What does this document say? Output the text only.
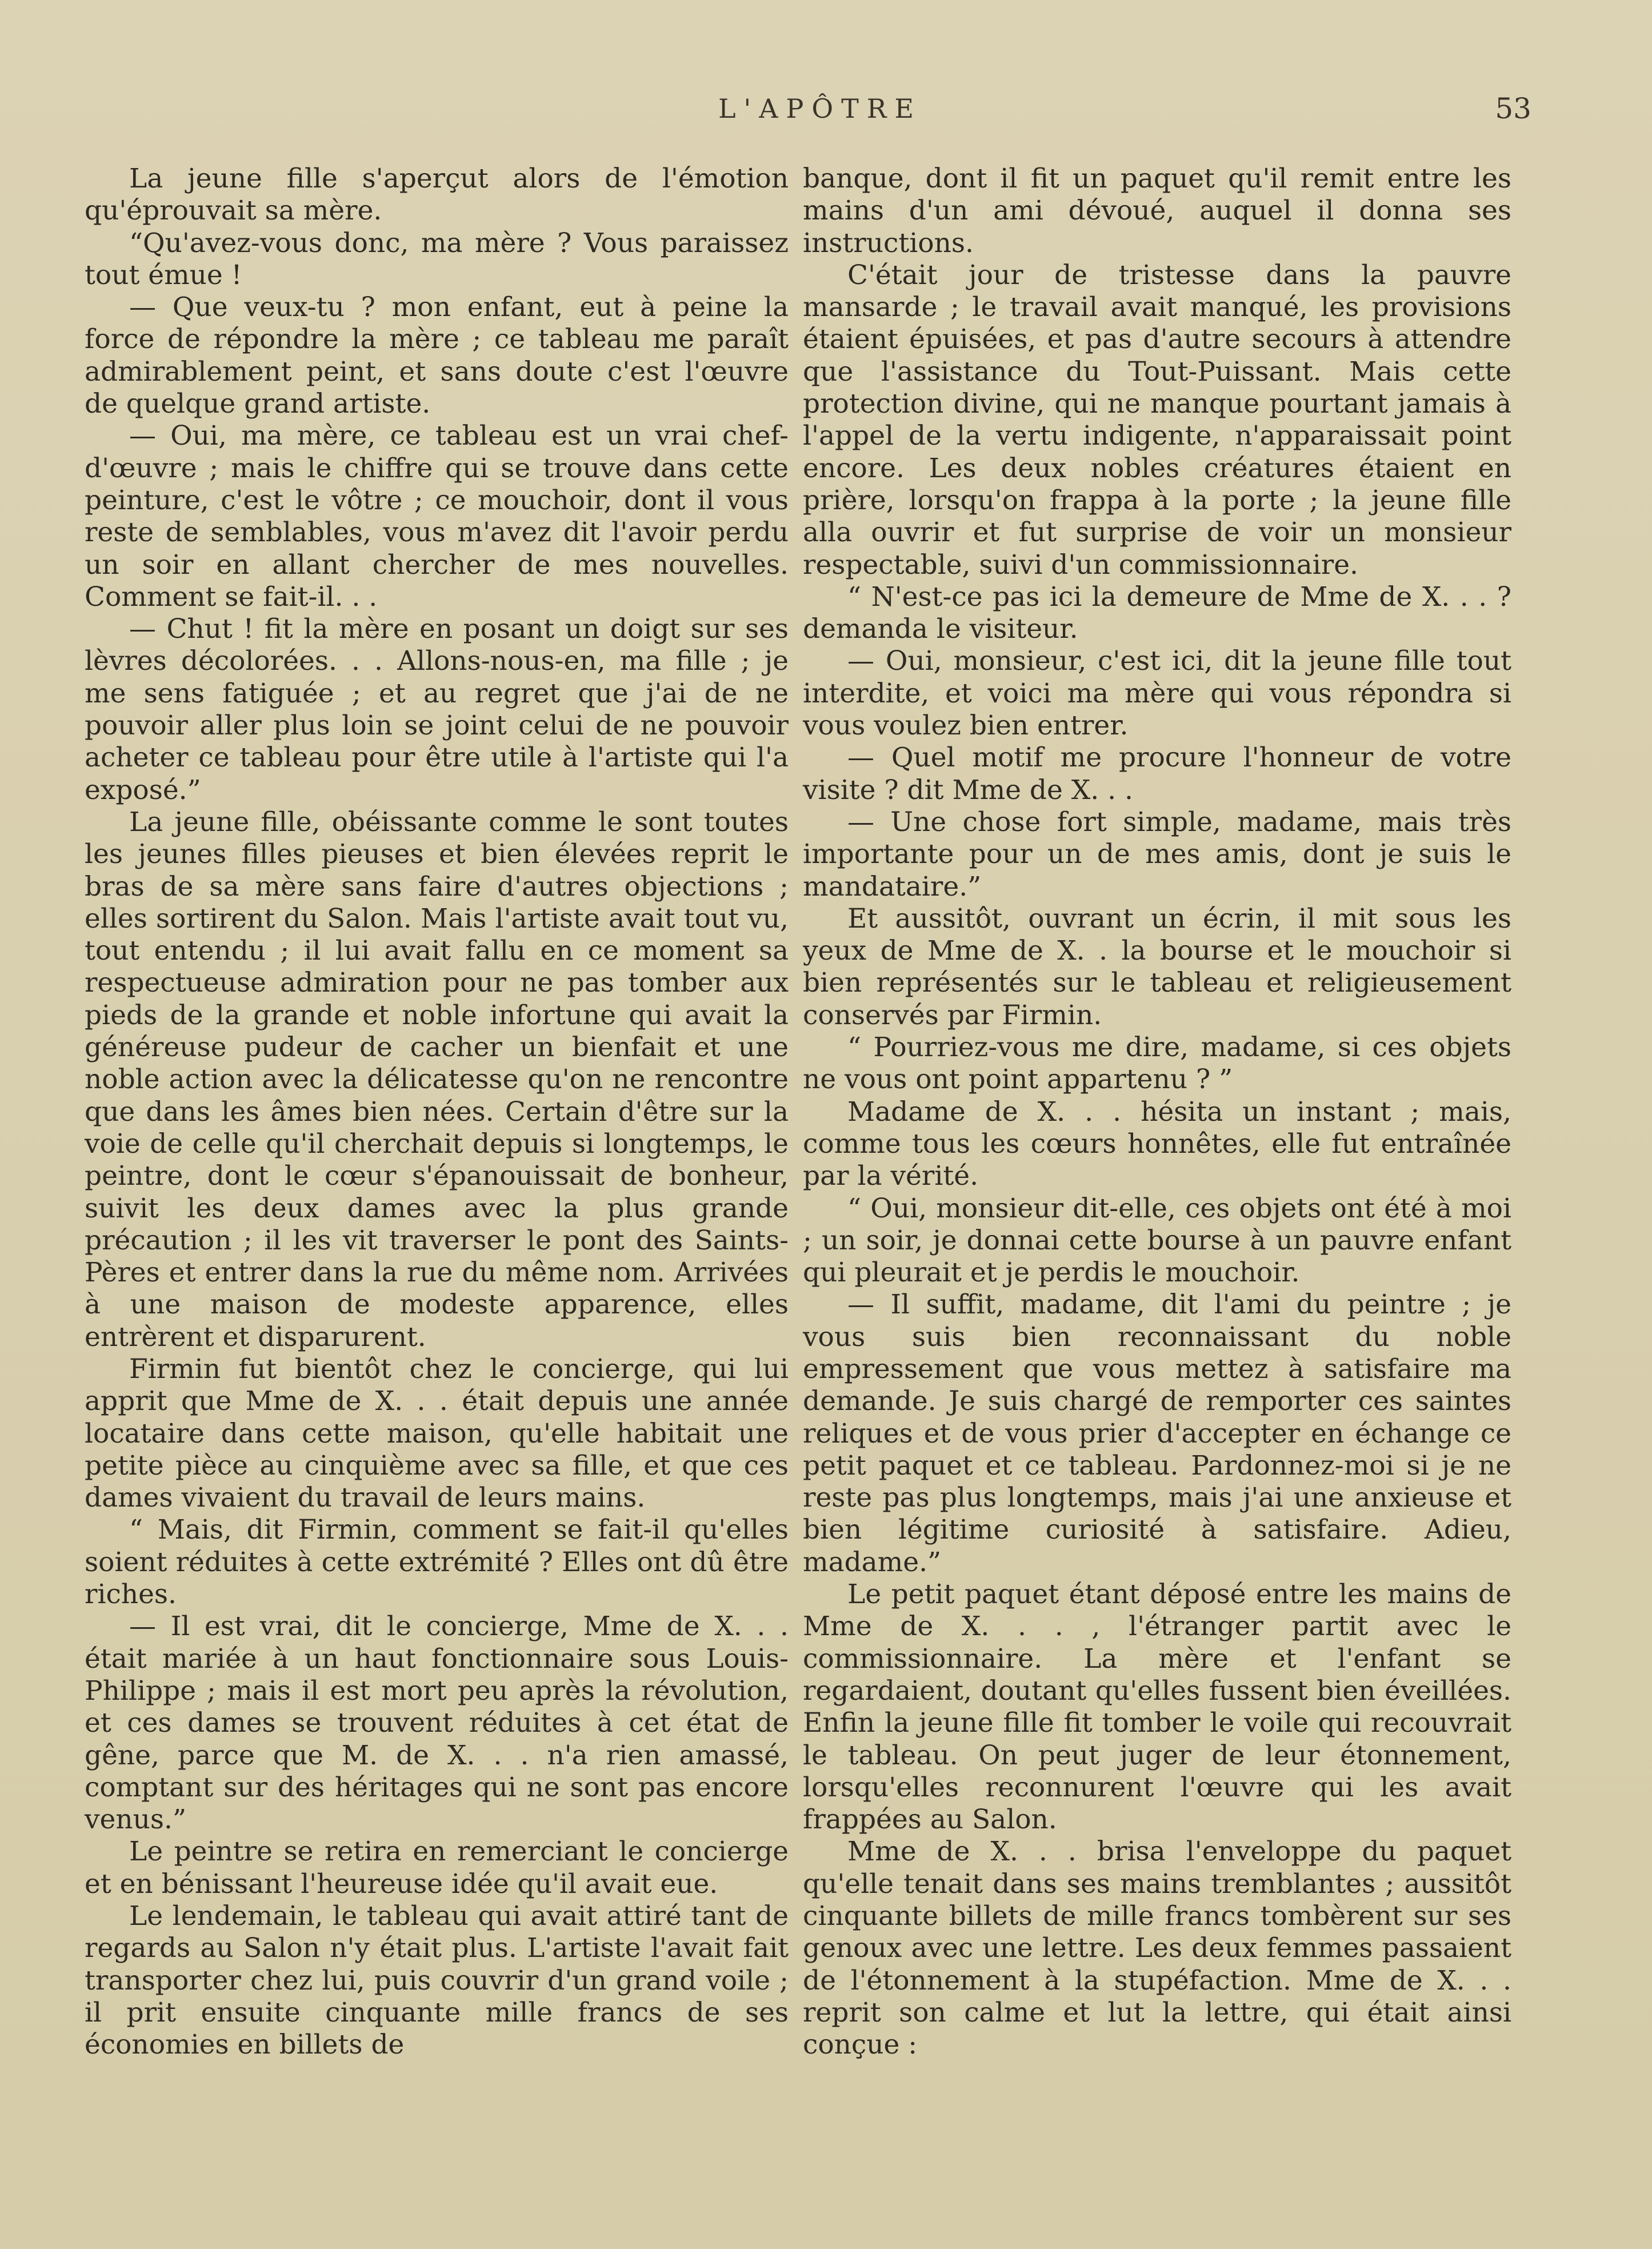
L'APÔTRE	53

La jeune fille s'aperçut alors de l'émotion qu'éprouvait sa mère.

“Qu'avez-vous donc, ma mère ? Vous paraissez tout émue !

— Que veux-tu ? mon enfant, eut à peine la force de répondre la mère ; ce tableau me paraît admirablement peint, et sans doute c'est l'œuvre de quelque grand artiste.

— Oui, ma mère, ce tableau est un vrai chef-d'œuvre ; mais le chiffre qui se trouve dans cette peinture, c'est le vôtre ; ce mouchoir, dont il vous reste de semblables, vous m'avez dit l'avoir perdu un soir en allant chercher de mes nouvelles. Comment se fait-il. . .

— Chut ! fit la mère en posant un doigt sur ses lèvres décolorées. . . Allons-nous-en, ma fille ; je me sens fatiguée ; et au regret que j'ai de ne pouvoir aller plus loin se joint celui de ne pouvoir acheter ce tableau pour être utile à l'artiste qui l'a exposé.”

La jeune fille, obéissante comme le sont toutes les jeunes filles pieuses et bien élevées reprit le bras de sa mère sans faire d'autres objections ; elles sortirent du Salon. Mais l'artiste avait tout vu, tout entendu ; il lui avait fallu en ce moment sa respectueuse admiration pour ne pas tomber aux pieds de la grande et noble infortune qui avait la généreuse pudeur de cacher un bienfait et une noble action avec la délicatesse qu'on ne rencontre que dans les âmes bien nées. Certain d'être sur la voie de celle qu'il cherchait depuis si longtemps, le peintre, dont le cœur s'épanouissait de bonheur, suivit les deux dames avec la plus grande précaution ; il les vit traverser le pont des Saints-Pères et entrer dans la rue du même nom. Arrivées à une maison de modeste apparence, elles entrèrent et disparurent.

Firmin fut bientôt chez le concierge, qui lui apprit que Mme de X. . . était depuis une année locataire dans cette maison, qu'elle habitait une petite pièce au cinquième avec sa fille, et que ces dames vivaient du travail de leurs mains.

“ Mais, dit Firmin, comment se fait-il qu'elles soient réduites à cette extrémité ? Elles ont dû être riches.

— Il est vrai, dit le concierge, Mme de X. . . était mariée à un haut fonctionnaire sous Louis-Philippe ; mais il est mort peu après la révolution, et ces dames se trouvent réduites à cet état de gêne, parce que M. de X. . . n'a rien amassé, comptant sur des héritages qui ne sont pas encore venus.”

Le peintre se retira en remerciant le concierge et en bénissant l'heureuse idée qu'il avait eue.

Le lendemain, le tableau qui avait attiré tant de regards au Salon n'y était plus. L'artiste l'avait fait transporter chez lui, puis couvrir d'un grand voile ; il prit ensuite cinquante mille francs de ses économies en billets de

banque, dont il fit un paquet qu'il remit entre les mains d'un ami dévoué, auquel il donna ses instructions.

C'était jour de tristesse dans la pauvre mansarde ; le travail avait manqué, les provisions étaient épuisées, et pas d'autre secours à attendre que l'assistance du Tout-Puissant. Mais cette protection divine, qui ne manque pourtant jamais à l'appel de la vertu indigente, n'apparaissait point encore. Les deux nobles créatures étaient en prière, lorsqu'on frappa à la porte ; la jeune fille alla ouvrir et fut surprise de voir un monsieur respectable, suivi d'un commissionnaire.

“ N'est-ce pas ici la demeure de Mme de X. . . ? demanda le visiteur.

— Oui, monsieur, c'est ici, dit la jeune fille tout interdite, et voici ma mère qui vous répondra si vous voulez bien entrer.

— Quel motif me procure l'honneur de votre visite ? dit Mme de X. . .

— Une chose fort simple, madame, mais très importante pour un de mes amis, dont je suis le mandataire.”

Et aussitôt, ouvrant un écrin, il mit sous les yeux de Mme de X. . la bourse et le mouchoir si bien représentés sur le tableau et religieusement conservés par Firmin.

“ Pourriez-vous me dire, madame, si ces objets ne vous ont point appartenu ? ”

Madame de X. . . hésita un instant ; mais, comme tous les cœurs honnêtes, elle fut entraînée par la vérité.

“ Oui, monsieur dit-elle, ces objets ont été à moi ; un soir, je donnai cette bourse à un pauvre enfant qui pleurait et je perdis le mouchoir.

— Il suffit, madame, dit l'ami du peintre ; je vous suis bien reconnaissant du noble empressement que vous mettez à satisfaire ma demande. Je suis chargé de remporter ces saintes reliques et de vous prier d'accepter en échange ce petit paquet et ce tableau. Pardonnez-moi si je ne reste pas plus longtemps, mais j'ai une anxieuse et bien légitime curiosité à satisfaire. Adieu, madame.”

Le petit paquet étant déposé entre les mains de Mme de X. . . , l'étranger partit avec le commissionnaire. La mère et l'enfant se regardaient, doutant qu'elles fussent bien éveillées. Enfin la jeune fille fit tomber le voile qui recouvrait le tableau. On peut juger de leur étonnement, lorsqu'elles reconnurent l'œuvre qui les avait frappées au Salon.

Mme de X. . . brisa l'enveloppe du paquet qu'elle tenait dans ses mains tremblantes ; aussitôt cinquante billets de mille francs tombèrent sur ses genoux avec une lettre. Les deux femmes passaient de l'étonnement à la stupéfaction. Mme de X. . . reprit son calme et lut la lettre, qui était ainsi conçue :
